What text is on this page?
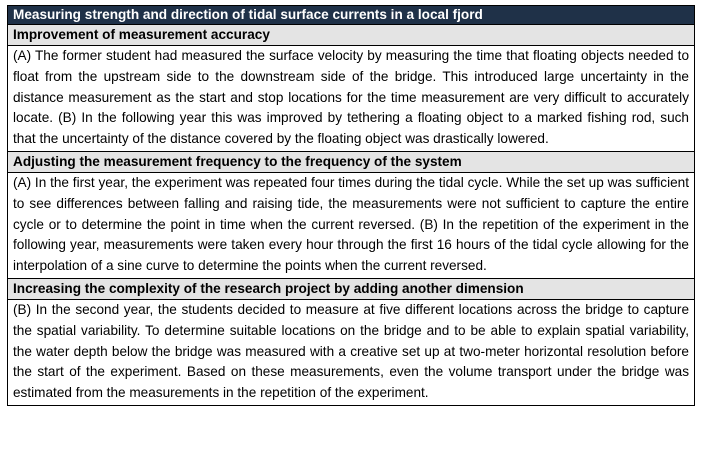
Measuring strength and direction of tidal surface currents in a local fjord
Improvement of measurement accuracy
(A) The former student had measured the surface velocity by measuring the time that floating objects needed to float from the upstream side to the downstream side of the bridge. This introduced large uncertainty in the distance measurement as the start and stop locations for the time measurement are very difficult to accurately locate. (B) In the following year this was improved by tethering a floating object to a marked fishing rod, such that the uncertainty of the distance covered by the floating object was drastically lowered.
Adjusting the measurement frequency to the frequency of the system
(A) In the first year, the experiment was repeated four times during the tidal cycle. While the set up was sufficient to see differences between falling and raising tide, the measurements were not sufficient to capture the entire cycle or to determine the point in time when the current reversed. (B) In the repetition of the experiment in the following year, measurements were taken every hour through the first 16 hours of the tidal cycle allowing for the interpolation of a sine curve to determine the points when the current reversed.
Increasing the complexity of the research project by adding another dimension
(B) In the second year, the students decided to measure at five different locations across the bridge to capture the spatial variability. To determine suitable locations on the bridge and to be able to explain spatial variability, the water depth below the bridge was measured with a creative set up at two-meter horizontal resolution before the start of the experiment. Based on these measurements, even the volume transport under the bridge was estimated from the measurements in the repetition of the experiment.
